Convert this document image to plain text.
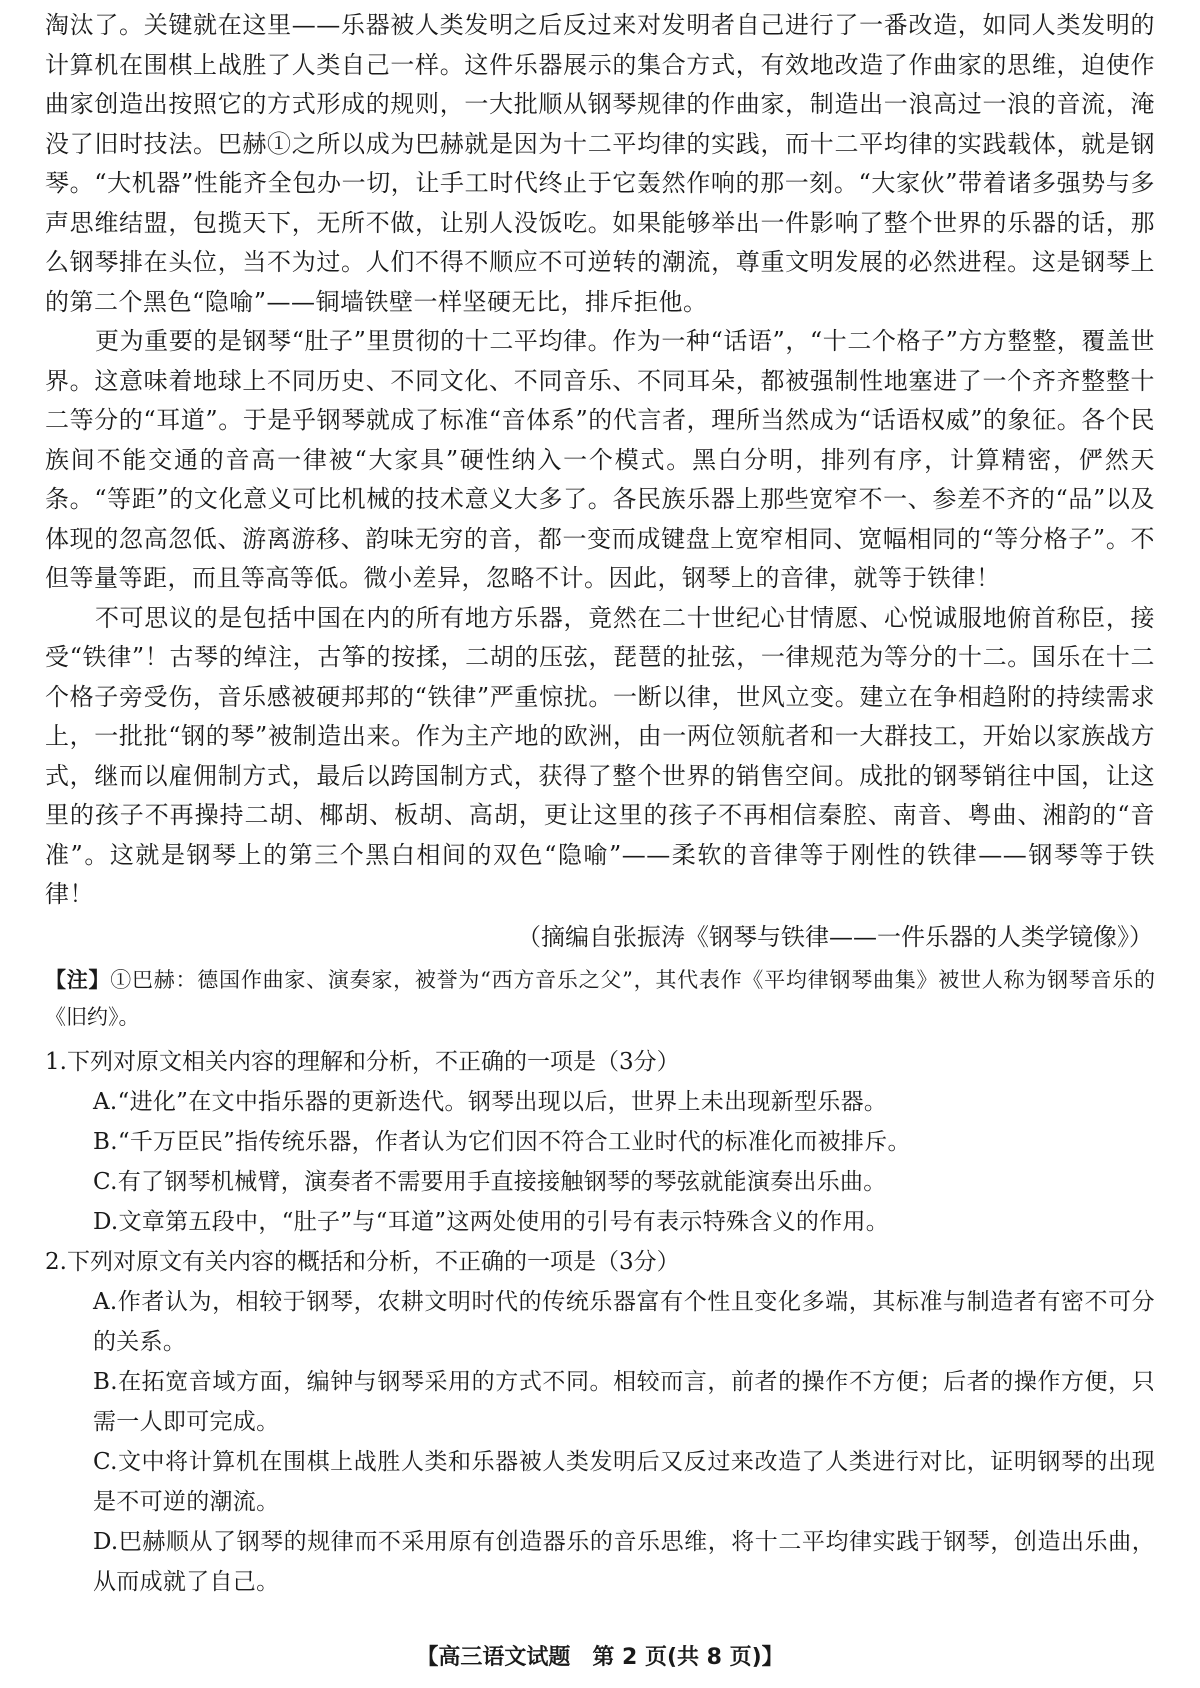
淘汰了。关键就在这里——乐器被人类发明之后反过来对发明者自己进行了一番改造，如同人类发明的计算机在围棋上战胜了人类自己一样。这件乐器展示的集合方式，有效地改造了作曲家的思维，迫使作曲家创造出按照它的方式形成的规则，一大批顺从钢琴规律的作曲家，制造出一浪高过一浪的音流，淹没了旧时技法。巴赫①之所以成为巴赫就是因为十二平均律的实践，而十二平均律的实践载体，就是钢琴。“大机器”性能齐全包办一切，让手工时代终止于它轰然作响的那一刻。“大家伙”带着诸多强势与多声思维结盟，包揽天下，无所不做，让别人没饭吃。如果能够举出一件影响了整个世界的乐器的话，那么钢琴排在头位，当不为过。人们不得不顺应不可逆转的潮流，尊重文明发展的必然进程。这是钢琴上的第二个黑色“隐喻”——铜墙铁壁一样坚硬无比，排斥拒他。

更为重要的是钢琴“肚子”里贯彻的十二平均律。作为一种“话语”，“十二个格子”方方整整，覆盖世界。这意味着地球上不同历史、不同文化、不同音乐、不同耳朵，都被强制性地塞进了一个齐齐整整十二等分的“耳道”。于是乎钢琴就成了标准“音体系”的代言者，理所当然成为“话语权威”的象征。各个民族间不能交通的音高一律被“大家具”硬性纳入一个模式。黑白分明，排列有序，计算精密，俨然天条。“等距”的文化意义可比机械的技术意义大多了。各民族乐器上那些宽窄不一、参差不齐的“品”以及体现的忽高忽低、游离游移、韵味无穷的音，都一变而成键盘上宽窄相同、宽幅相同的“等分格子”。不但等量等距，而且等高等低。微小差异，忽略不计。因此，钢琴上的音律，就等于铁律！

不可思议的是包括中国在内的所有地方乐器，竟然在二十世纪心甘情愿、心悦诚服地俯首称臣，接受“铁律”！古琴的绰注，古筝的按揉，二胡的压弦，琵琶的扯弦，一律规范为等分的十二。国乐在十二个格子旁受伤，音乐感被硬邦邦的“铁律”严重惊扰。一断以律，世风立变。建立在争相趋附的持续需求上，一批批“钢的琴”被制造出来。作为主产地的欧洲，由一两位领航者和一大群技工，开始以家族战方式，继而以雇佣制方式，最后以跨国制方式，获得了整个世界的销售空间。成批的钢琴销往中国，让这里的孩子不再操持二胡、椰胡、板胡、高胡，更让这里的孩子不再相信秦腔、南音、粤曲、湘韵的“音准”。这就是钢琴上的第三个黑白相间的双色“隐喻”——柔软的音律等于刚性的铁律——钢琴等于铁律！

（摘编自张振涛《钢琴与铁律——一件乐器的人类学镜像》）

【注】①巴赫：德国作曲家、演奏家，被誉为“西方音乐之父”，其代表作《平均律钢琴曲集》被世人称为钢琴音乐的《旧约》。

1.下列对原文相关内容的理解和分析，不正确的一项是（3分）

A.“进化”在文中指乐器的更新迭代。钢琴出现以后，世界上未出现新型乐器。

B.“千万臣民”指传统乐器，作者认为它们因不符合工业时代的标准化而被排斥。

C.有了钢琴机械臂，演奏者不需要用手直接接触钢琴的琴弦就能演奏出乐曲。

D.文章第五段中，“肚子”与“耳道”这两处使用的引号有表示特殊含义的作用。

2.下列对原文有关内容的概括和分析，不正确的一项是（3分）

A.作者认为，相较于钢琴，农耕文明时代的传统乐器富有个性且变化多端，其标准与制造者有密不可分的关系。

B.在拓宽音域方面，编钟与钢琴采用的方式不同。相较而言，前者的操作不方便；后者的操作方便，只需一人即可完成。

C.文中将计算机在围棋上战胜人类和乐器被人类发明后又反过来改造了人类进行对比，证明钢琴的出现是不可逆的潮流。

D.巴赫顺从了钢琴的规律而不采用原有创造器乐的音乐思维，将十二平均律实践于钢琴，创造出乐曲，从而成就了自己。

【高三语文试题　第 2 页(共 8 页)】
